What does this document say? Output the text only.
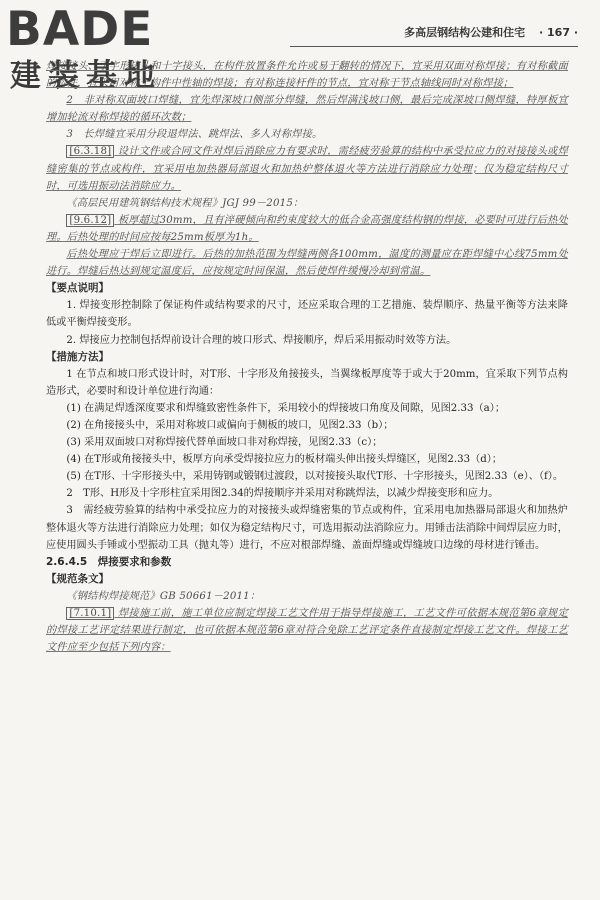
BADE
建装基地
多高层钢结构公建和住宅 · 167 ·

焊接接头、丁字形接头和十字接头，在构件放置条件允许或易于翻转的情况下，宜采用双面对称焊接；有对称截面的构件，宜采用对称于构件中性轴的焊接；有对称连接杆件的节点，宜对称于节点轴线同时对称焊接；

2　非对称双面坡口焊缝，宜先焊深坡口侧部分焊缝，然后焊满浅坡口侧，最后完成深坡口侧焊缝，特厚板宜增加轮流对称焊接的循环次数；

3　长焊缝宜采用分段退焊法、跳焊法、多人对称焊接。

[6.3.18] 设计文件或合同文件对焊后消除应力有要求时，需经疲劳验算的结构中承受拉应力的对接接头或焊缝密集的节点或构件，宜采用电加热器局部退火和加热炉整体退火等方法进行消除应力处理；仅为稳定结构尺寸时，可选用振动法消除应力。

《高层民用建筑钢结构技术规程》JGJ 99－2015：

[9.6.12] 板厚超过30mm，且有淬硬倾向和约束度较大的低合金高强度结构钢的焊接，必要时可进行后热处理。后热处理的时间应按每25mm板厚为1h。

后热处理应于焊后立即进行。后热的加热范围为焊缝两侧各100mm，温度的测量应在距焊缝中心线75mm处进行。焊缝后热达到规定温度后，应按规定时间保温，然后使焊件缓慢冷却到常温。

【要点说明】

1. 焊接变形控制除了保证构件或结构要求的尺寸，还应采取合理的工艺措施、装焊顺序、热量平衡等方法来降低或平衡焊接变形。

2. 焊接应力控制包括焊前设计合理的坡口形式、焊接顺序，焊后采用振动时效等方法。

【措施方法】

1 在节点和坡口形式设计时，对T形、十字形及角接接头，当翼缘板厚度等于或大于20mm，宜采取下列节点构造形式，必要时和设计单位进行沟通：

(1) 在满足焊透深度要求和焊缝致密性条件下，采用较小的焊接坡口角度及间隙，见图2.33（a）；

(2) 在角接接头中，采用对称坡口或偏向于侧板的坡口，见图2.33（b）；

(3) 采用双面坡口对称焊接代替单面坡口非对称焊接，见图2.33（c）；

(4) 在T形或角接接头中，板厚方向承受焊接拉应力的板材端头伸出接头焊缝区，见图2.33（d）；

(5) 在T形、十字形接头中，采用铸钢或锻钢过渡段，以对接接头取代T形、十字形接头，见图2.33（e）、（f）。

2　T形、H形及十字形柱宜采用图2.34的焊接顺序并采用对称跳焊法，以减少焊接变形和应力。

3　需经疲劳验算的结构中承受拉应力的对接接头或焊缝密集的节点或构件，宜采用电加热器局部退火和加热炉整体退火等方法进行消除应力处理；如仅为稳定结构尺寸，可选用振动法消除应力。用锤击法消除中间焊层应力时，应使用圆头手锤或小型振动工具（抛丸等）进行，不应对根部焊缝、盖面焊缝或焊缝坡口边缘的母材进行锤击。

2.6.4.5　 焊接要求和参数

【规范条文】

《钢结构焊接规范》GB 50661－2011：

[7.10.1] 焊接施工前，施工单位应制定焊接工艺文件用于指导焊接施工，工艺文件可依据本规范第6章规定的焊接工艺评定结果进行制定，也可依据本规范第6章对符合免除工艺评定条件直接制定焊接工艺文件。焊接工艺文件应至少包括下列内容：
